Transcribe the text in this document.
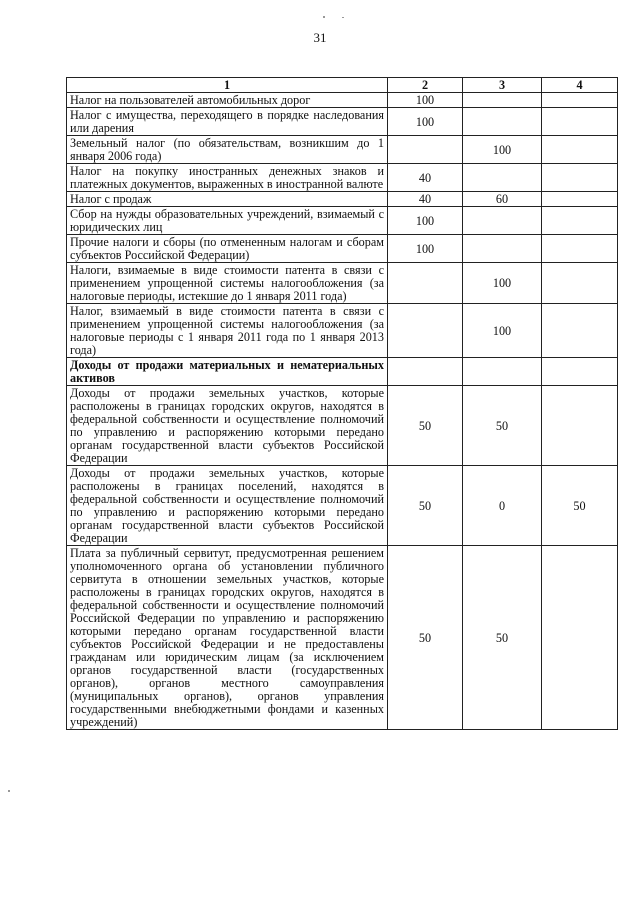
31
1	2	3	4
Налог на пользователей автомобильных дорог	100		
Налог с имущества, переходящего в порядке наследования или дарения	100		
Земельный налог (по обязательствам, возникшим до 1 января 2006 года)		100	
Налог на покупку иностранных денежных знаков и платежных документов, выраженных в иностранной валюте	40		
Налог с продаж	40	60	
Сбор на нужды образовательных учреждений, взимаемый с юридических лиц	100		
Прочие налоги и сборы (по отмененным налогам и сборам субъектов Российской Федерации)	100		
Налоги, взимаемые в виде стоимости патента в связи с применением упрощенной системы налогообложения (за налоговые периоды, истекшие до 1 января 2011 года)		100	
Налог, взимаемый в виде стоимости патента в связи с применением упрощенной системы налогообложения (за налоговые периоды с 1 января 2011 года по 1 января 2013 года)		100	
Доходы от продажи материальных и нематериальных активов			
Доходы от продажи земельных участков, которые расположены в границах городских округов, находятся в федеральной собственности и осуществление полномочий по управлению и распоряжению которыми передано органам государственной власти субъектов Российской Федерации	50	50	
Доходы от продажи земельных участков, которые расположены в границах поселений, находятся в федеральной собственности и осуществление полномочий по управлению и распоряжению которыми передано органам государственной власти субъектов Российской Федерации	50	0	50
Плата за публичный сервитут, предусмотренная решением уполномоченного органа об установлении публичного сервитута в отношении земельных участков, которые расположены в границах городских округов, находятся в федеральной собственности и осуществление полномочий Российской Федерации по управлению и распоряжению которыми передано органам государственной власти субъектов Российской Федерации и не предоставлены гражданам или юридическим лицам (за исключением органов государственной власти (государственных органов), органов местного самоуправления (муниципальных органов), органов управления государственными внебюджетными фондами и казенных учреждений)	50	50	
